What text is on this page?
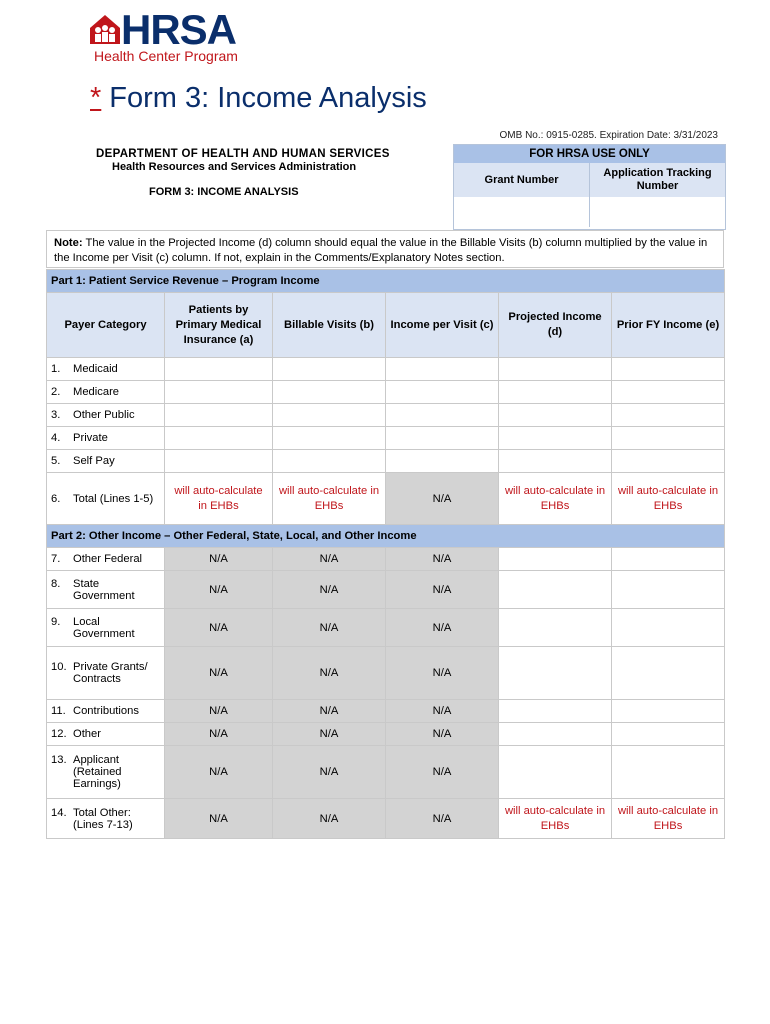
HRSA
Health Center Program
* Form 3: Income Analysis
OMB No.: 0915-0285. Expiration Date: 3/31/2023
DEPARTMENT OF HEALTH AND HUMAN SERVICES
Health Resources and Services Administration
FORM 3: INCOME ANALYSIS
FOR HRSA USE ONLY
Grant Number
Application Tracking Number
Note: The value in the Projected Income (d) column should equal the value in the Billable Visits (b) column multiplied by the value in the Income per Visit (c) column. If not, explain in the Comments/Explanatory Notes section.
Part 1: Patient Service Revenue – Program Income					
Payer Category	Patients by Primary Medical Insurance (a)	Billable Visits (b)	Income per Visit (c)	Projected Income (d)	Prior FY Income (e)

1. Medicaid					

2. Medicare					

3. Other Public					

4. Private					

5. Self Pay					

6. Total (Lines 1-5)	will auto-calculate in EHBs	will auto-calculate in EHBs	N/A	will auto-calculate in EHBs	will auto-calculate in EHBs
Part 2: Other Income – Other Federal, State, Local, and Other Income					

7. Other Federal	N/A	N/A	N/A		

8. State Government	N/A	N/A	N/A		

9. Local Government	N/A	N/A	N/A		

10. Private Grants/ Contracts	N/A	N/A	N/A		

11. Contributions	N/A	N/A	N/A		

12. Other	N/A	N/A	N/A		

13. Applicant (Retained Earnings)	N/A	N/A	N/A		

14. Total Other: (Lines 7-13)	N/A	N/A	N/A	will auto-calculate in EHBs	will auto-calculate in EHBs
